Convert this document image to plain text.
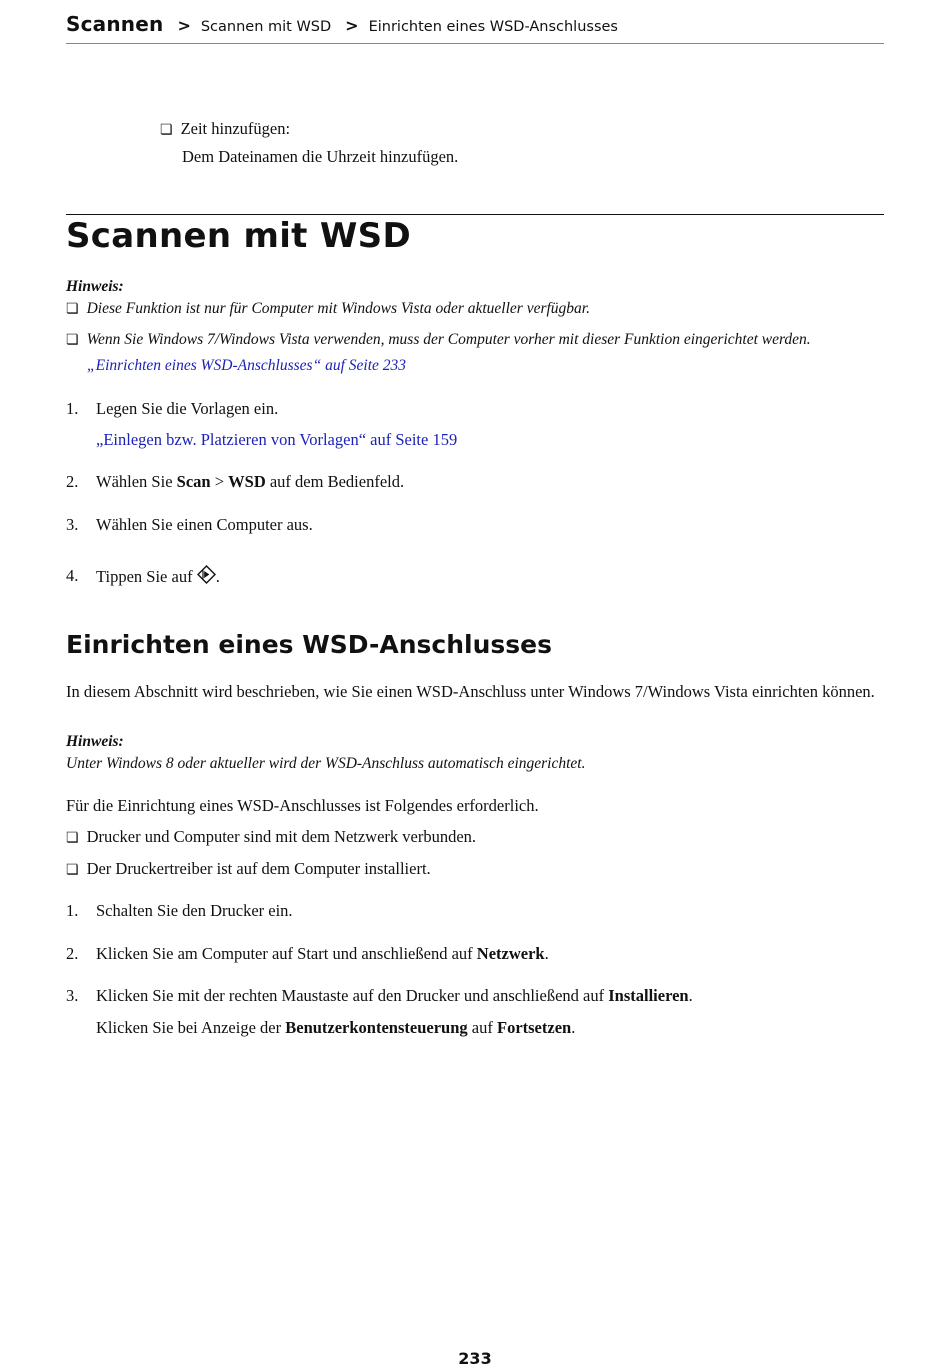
Scannen > Scannen mit WSD > Einrichten eines WSD-Anschlusses
❏ Zeit hinzufügen:
Dem Dateinamen die Uhrzeit hinzufügen.
Scannen mit WSD
Hinweis:
❏ Diese Funktion ist nur für Computer mit Windows Vista oder aktueller verfügbar.
❏ Wenn Sie Windows 7/Windows Vista verwenden, muss der Computer vorher mit dieser Funktion eingerichtet werden.
„Einrichten eines WSD-Anschlusses“ auf Seite 233
1. Legen Sie die Vorlagen ein.
„Einlegen bzw. Platzieren von Vorlagen“ auf Seite 159
2. Wählen Sie Scan > WSD auf dem Bedienfeld.
3. Wählen Sie einen Computer aus.
4. Tippen Sie auf .
Einrichten eines WSD-Anschlusses
In diesem Abschnitt wird beschrieben, wie Sie einen WSD-Anschluss unter Windows 7/Windows Vista einrichten können.
Hinweis:
Unter Windows 8 oder aktueller wird der WSD-Anschluss automatisch eingerichtet.
Für die Einrichtung eines WSD-Anschlusses ist Folgendes erforderlich.
❏ Drucker und Computer sind mit dem Netzwerk verbunden.
❏ Der Druckertreiber ist auf dem Computer installiert.
1. Schalten Sie den Drucker ein.
2. Klicken Sie am Computer auf Start und anschließend auf Netzwerk.
3. Klicken Sie mit der rechten Maustaste auf den Drucker und anschließend auf Installieren.
Klicken Sie bei Anzeige der Benutzerkontensteuerung auf Fortsetzen.
233
